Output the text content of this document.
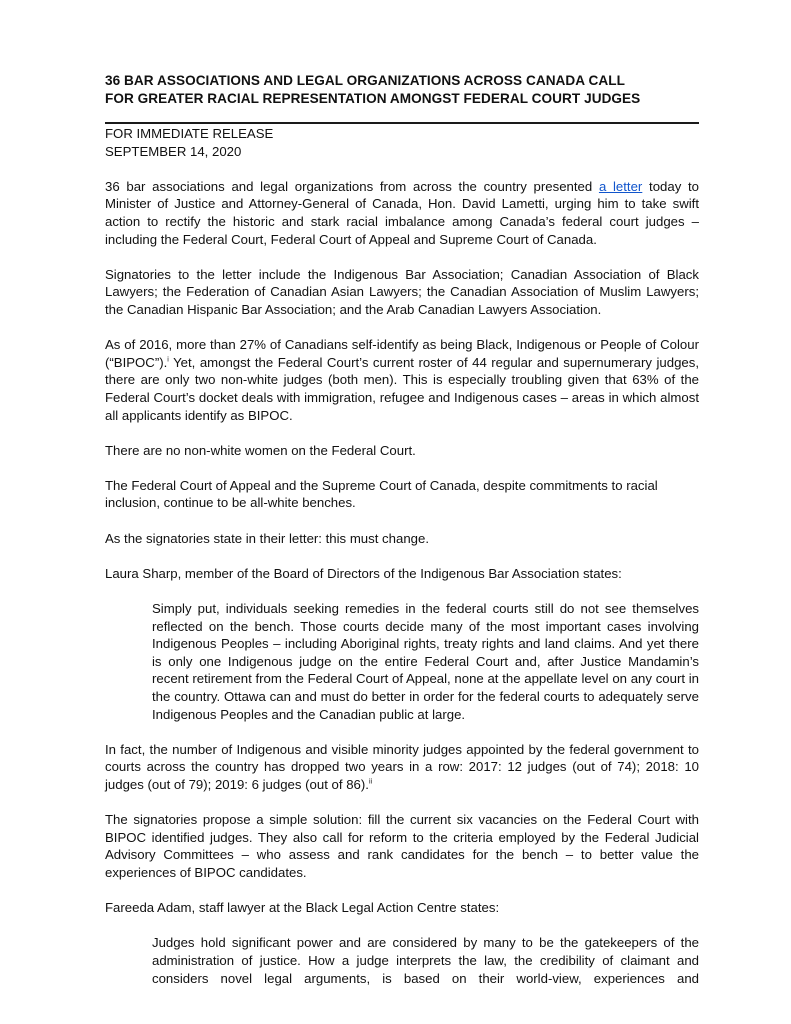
36 BAR ASSOCIATIONS AND LEGAL ORGANIZATIONS ACROSS CANADA CALL
FOR GREATER RACIAL REPRESENTATION AMONGST FEDERAL COURT JUDGES
FOR IMMEDIATE RELEASE
SEPTEMBER 14, 2020

36 bar associations and legal organizations from across the country presented a letter today to Minister of Justice and Attorney-General of Canada, Hon. David Lametti, urging him to take swift action to rectify the historic and stark racial imbalance among Canada’s federal court judges – including the Federal Court, Federal Court of Appeal and Supreme Court of Canada.

Signatories to the letter include the Indigenous Bar Association; Canadian Association of Black Lawyers; the Federation of Canadian Asian Lawyers; the Canadian Association of Muslim Lawyers; the Canadian Hispanic Bar Association; and the Arab Canadian Lawyers Association.

As of 2016, more than 27% of Canadians self-identify as being Black, Indigenous or People of Colour (“BIPOC”).$^i$ Yet, amongst the Federal Court’s current roster of 44 regular and supernumerary judges, there are only two non-white judges (both men). This is especially troubling given that 63% of the Federal Court’s docket deals with immigration, refugee and Indigenous cases – areas in which almost all applicants identify as BIPOC.

There are no non-white women on the Federal Court.

The Federal Court of Appeal and the Supreme Court of Canada, despite commitments to racial inclusion, continue to be all-white benches.

As the signatories state in their letter: this must change.

Laura Sharp, member of the Board of Directors of the Indigenous Bar Association states:

Simply put, individuals seeking remedies in the federal courts still do not see themselves reflected on the bench. Those courts decide many of the most important cases involving Indigenous Peoples – including Aboriginal rights, treaty rights and land claims. And yet there is only one Indigenous judge on the entire Federal Court and, after Justice Mandamin’s recent retirement from the Federal Court of Appeal, none at the appellate level on any court in the country. Ottawa can and must do better in order for the federal courts to adequately serve Indigenous Peoples and the Canadian public at large.

In fact, the number of Indigenous and visible minority judges appointed by the federal government to courts across the country has dropped two years in a row: 2017: 12 judges (out of 74); 2018: 10 judges (out of 79); 2019: 6 judges (out of 86).$^{ii}$

The signatories propose a simple solution: fill the current six vacancies on the Federal Court with BIPOC identified judges. They also call for reform to the criteria employed by the Federal Judicial Advisory Committees – who assess and rank candidates for the bench – to better value the experiences of BIPOC candidates.

Fareeda Adam, staff lawyer at the Black Legal Action Centre states:

Judges hold significant power and are considered by many to be the gatekeepers of the administration of justice. How a judge interprets the law, the credibility of claimant and considers novel legal arguments, is based on their world-view, experiences and
